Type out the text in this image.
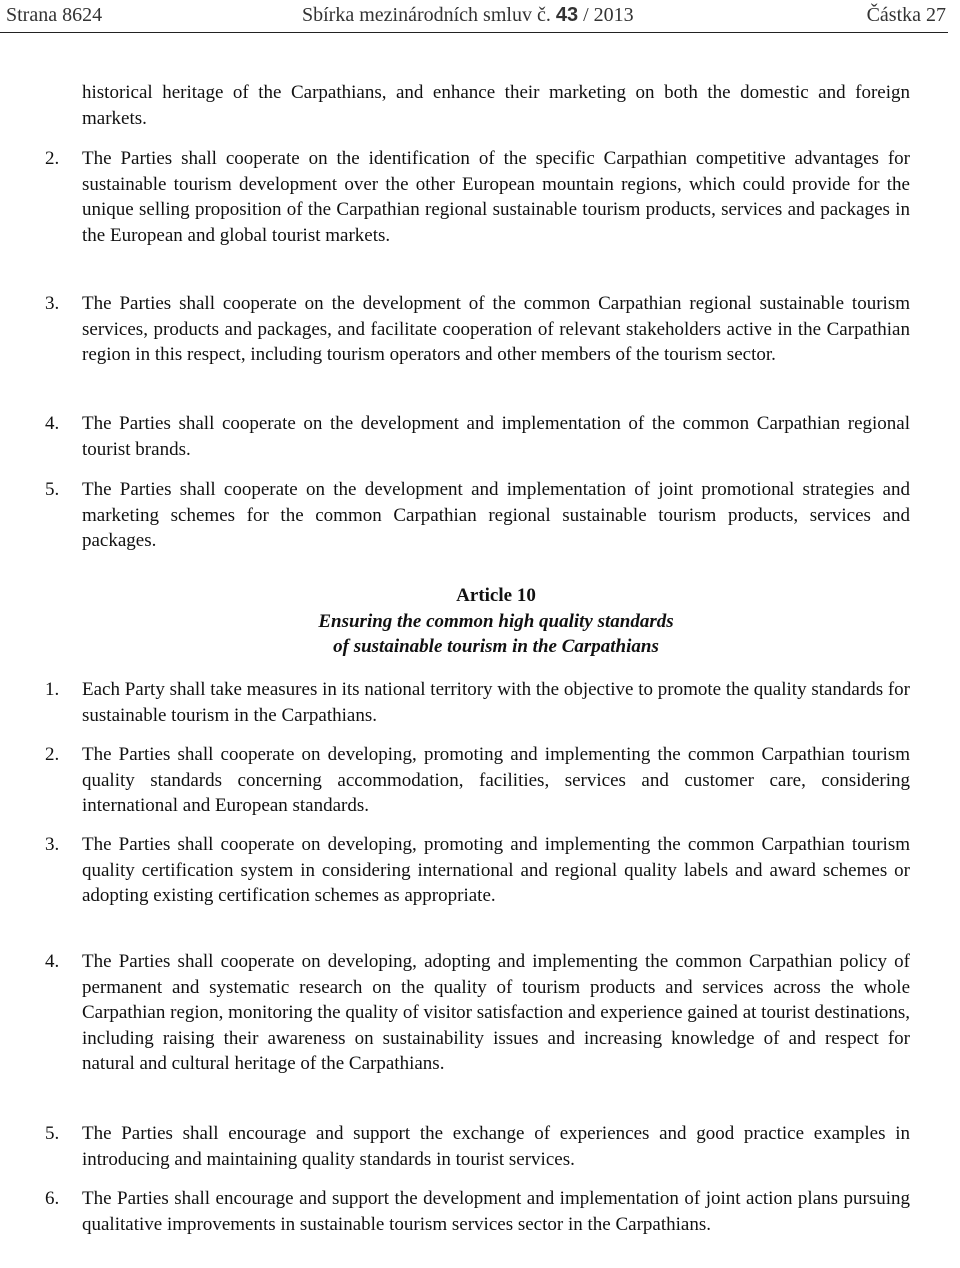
Strana 8624	Sbírka mezinárodních smluv č. 43 / 2013	Částka 27
historical heritage of the Carpathians, and enhance their marketing on both the domestic and foreign markets.
2.	The Parties shall cooperate on the identification of the specific Carpathian competitive advantages for sustainable tourism development over the other European mountain regions, which could provide for the unique selling proposition of the Carpathian regional sustainable tourism products, services and packages in the European and global tourist markets.
3.	The Parties shall cooperate on the development of the common Carpathian regional sustainable tourism services, products and packages, and facilitate cooperation of relevant stakeholders active in the Carpathian region in this respect, including tourism operators and other members of the tourism sector.
4.	The Parties shall cooperate on the development and implementation of the common Carpathian regional tourist brands.
5.	The Parties shall cooperate on the development and implementation of joint promotional strategies and marketing schemes for the common Carpathian regional sustainable tourism products, services and packages.
Article 10
Ensuring the common high quality standards
of sustainable tourism in the Carpathians
1.	Each Party shall take measures in its national territory with the objective to promote the quality standards for sustainable tourism in the Carpathians.
2.	The Parties shall cooperate on developing, promoting and implementing the common Carpathian tourism quality standards concerning accommodation, facilities, services and customer care, considering international and European standards.
3.	The Parties shall cooperate on developing, promoting and implementing the common Carpathian tourism quality certification system in considering international and regional quality labels and award schemes or adopting existing certification schemes as appropriate.
4.	The Parties shall cooperate on developing, adopting and implementing the common Carpathian policy of permanent and systematic research on the quality of tourism products and services across the whole Carpathian region, monitoring the quality of visitor satisfaction and experience gained at tourist destinations, including raising their awareness on sustainability issues and increasing knowledge of and respect for natural and cultural heritage of the Carpathians.
5.	The Parties shall encourage and support the exchange of experiences and good practice examples in introducing and maintaining quality standards in tourist services.
6.	The Parties shall encourage and support the development and implementation of joint action plans pursuing qualitative improvements in sustainable tourism services sector in the Carpathians.
